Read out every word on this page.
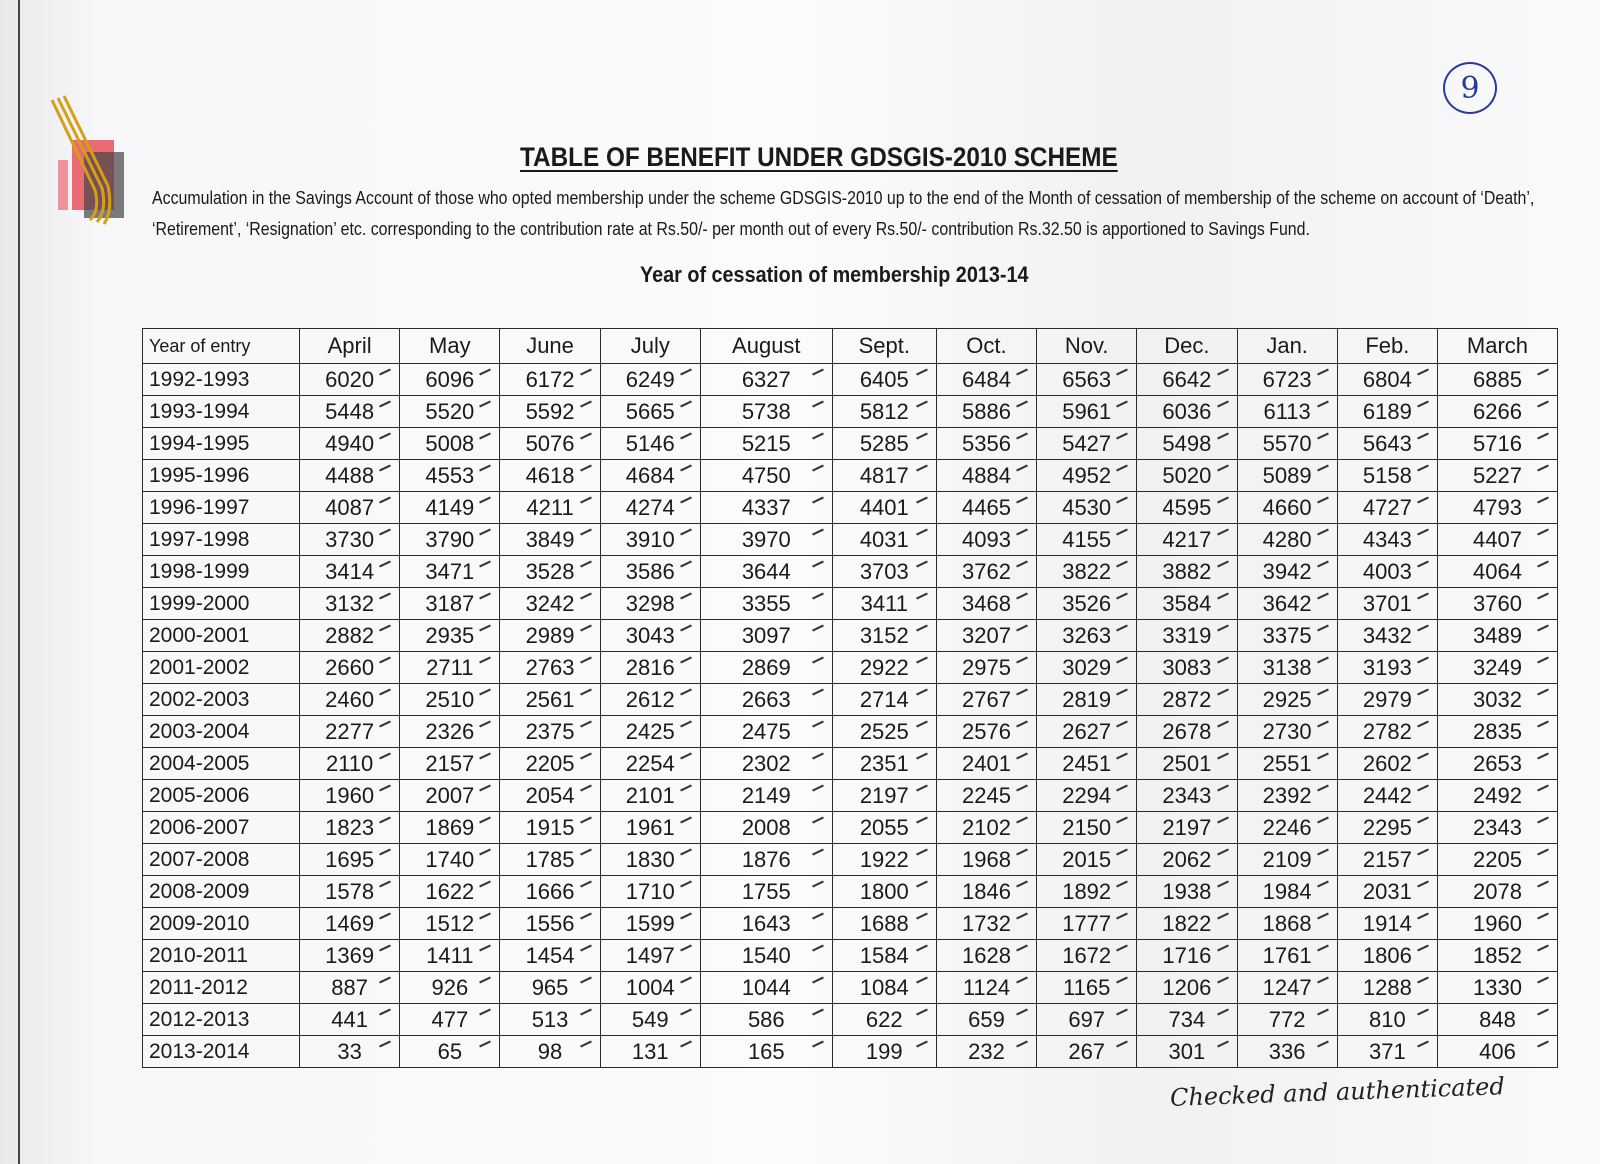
9
TABLE OF BENEFIT UNDER GDSGIS-2010 SCHEME
Accumulation in the Savings Account of those who opted membership under the scheme GDSGIS-2010 up to the end of the Month of cessation of membership of the scheme on account of ‘Death’, ‘Retirement’, ‘Resignation’ etc. corresponding to the contribution rate at Rs.50/- per month out of every Rs.50/- contribution Rs.32.50 is apportioned to Savings Fund.
Year of cessation of membership 2013-14
Year of entry	April	May	June	July	August	Sept.	Oct.	Nov.	Dec.	Jan.	Feb.	March
1992-1993	6020	6096	6172	6249	6327	6405	6484	6563	6642	6723	6804	6885
1993-1994	5448	5520	5592	5665	5738	5812	5886	5961	6036	6113	6189	6266
1994-1995	4940	5008	5076	5146	5215	5285	5356	5427	5498	5570	5643	5716
1995-1996	4488	4553	4618	4684	4750	4817	4884	4952	5020	5089	5158	5227
1996-1997	4087	4149	4211	4274	4337	4401	4465	4530	4595	4660	4727	4793
1997-1998	3730	3790	3849	3910	3970	4031	4093	4155	4217	4280	4343	4407
1998-1999	3414	3471	3528	3586	3644	3703	3762	3822	3882	3942	4003	4064
1999-2000	3132	3187	3242	3298	3355	3411	3468	3526	3584	3642	3701	3760
2000-2001	2882	2935	2989	3043	3097	3152	3207	3263	3319	3375	3432	3489
2001-2002	2660	2711	2763	2816	2869	2922	2975	3029	3083	3138	3193	3249
2002-2003	2460	2510	2561	2612	2663	2714	2767	2819	2872	2925	2979	3032
2003-2004	2277	2326	2375	2425	2475	2525	2576	2627	2678	2730	2782	2835
2004-2005	2110	2157	2205	2254	2302	2351	2401	2451	2501	2551	2602	2653
2005-2006	1960	2007	2054	2101	2149	2197	2245	2294	2343	2392	2442	2492
2006-2007	1823	1869	1915	1961	2008	2055	2102	2150	2197	2246	2295	2343
2007-2008	1695	1740	1785	1830	1876	1922	1968	2015	2062	2109	2157	2205
2008-2009	1578	1622	1666	1710	1755	1800	1846	1892	1938	1984	2031	2078
2009-2010	1469	1512	1556	1599	1643	1688	1732	1777	1822	1868	1914	1960
2010-2011	1369	1411	1454	1497	1540	1584	1628	1672	1716	1761	1806	1852
2011-2012	887	926	965	1004	1044	1084	1124	1165	1206	1247	1288	1330
2012-2013	441	477	513	549	586	622	659	697	734	772	810	848
2013-2014	33	65	98	131	165	199	232	267	301	336	371	406
Checked and authenticated
